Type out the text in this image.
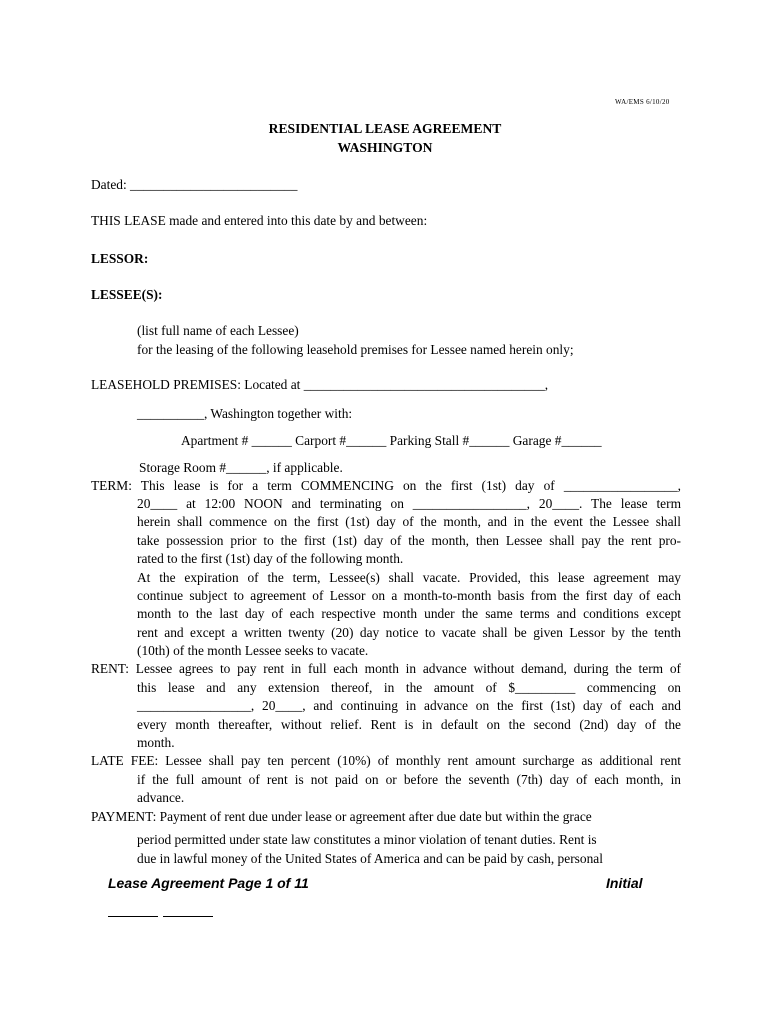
WA/EMS 6/10/20
RESIDENTIAL LEASE AGREEMENT
WASHINGTON
Dated: _________________________
THIS LEASE made and entered into this date by and between:
LESSOR:
LESSEE(S):
(list full name of each Lessee)
for the leasing of the following leasehold premises for Lessee named herein only;
LEASEHOLD PREMISES: Located at ____________________________________,
__________, Washington together with:
Apartment # ______ Carport #______ Parking Stall #______ Garage #______
Storage Room #______, if applicable.
TERM: This lease is for a term COMMENCING on the first (1st) day of _________________,
20____ at 12:00 NOON and terminating on _________________, 20____. The lease term
herein shall commence on the first (1st) day of the month, and in the event the Lessee shall
take possession prior to the first (1st) day of the month, then Lessee shall pay the rent pro-
rated to the first (1st) day of the following month.
At the expiration of the term, Lessee(s) shall vacate. Provided, this lease agreement may
continue subject to agreement of Lessor on a month-to-month basis from the first day of each
month to the last day of each respective month under the same terms and conditions except
rent and except a written twenty (20) day notice to vacate shall be given Lessor by the tenth
(10th) of the month Lessee seeks to vacate.
RENT: Lessee agrees to pay rent in full each month in advance without demand, during the term of
this lease and any extension thereof, in the amount of $_________ commencing on
_________________, 20____, and continuing in advance on the first (1st) day of each and
every month thereafter, without relief. Rent is in default on the second (2nd) day of the
month.
LATE FEE: Lessee shall pay ten percent (10%) of monthly rent amount surcharge as additional rent
if the full amount of rent is not paid on or before the seventh (7th) day of each month, in
advance.
PAYMENT: Payment of rent due under lease or agreement after due date but within the grace
period permitted under state law constitutes a minor violation of tenant duties. Rent is
due in lawful money of the United States of America and can be paid by cash, personal
Lease Agreement Page 1 of 11	Initial
